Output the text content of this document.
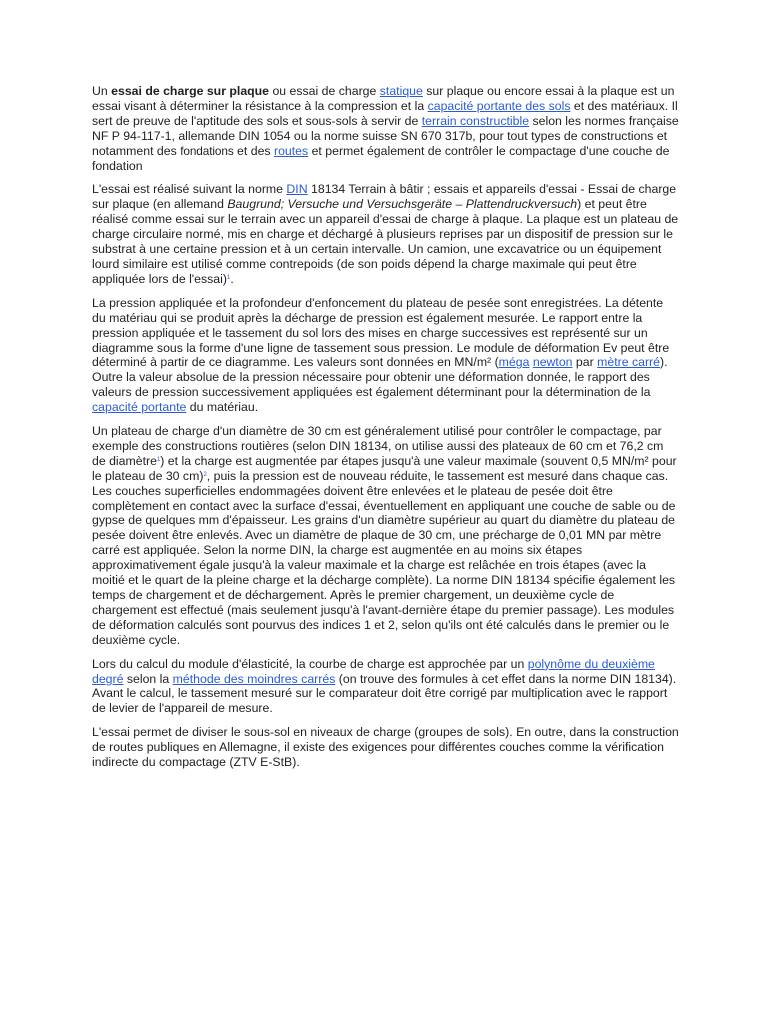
Un essai de charge sur plaque ou essai de charge statique sur plaque ou encore essai à la plaque est un essai visant à déterminer la résistance à la compression et la capacité portante des sols et des matériaux. Il sert de preuve de l'aptitude des sols et sous-sols à servir de terrain constructible selon les normes française NF P 94-117-1, allemande DIN 1054 ou la norme suisse SN 670 317b, pour tout types de constructions et notamment des fondations et des routes et permet également de contrôler le compactage d'une couche de fondation

L'essai est réalisé suivant la norme DIN 18134 Terrain à bâtir ; essais et appareils d'essai - Essai de charge sur plaque (en allemand Baugrund; Versuche und Versuchsgeräte – Plattendruckversuch) et peut être réalisé comme essai sur le terrain avec un appareil d'essai de charge à plaque. La plaque est un plateau de charge circulaire normé, mis en charge et déchargé à plusieurs reprises par un dispositif de pression sur le substrat à une certaine pression et à un certain intervalle. Un camion, une excavatrice ou un équipement lourd similaire est utilisé comme contrepoids (de son poids dépend la charge maximale qui peut être appliquée lors de l'essai)$^1$.

La pression appliquée et la profondeur d'enfoncement du plateau de pesée sont enregistrées. La détente du matériau qui se produit après la décharge de pression est également mesurée. Le rapport entre la pression appliquée et le tassement du sol lors des mises en charge successives est représenté sur un diagramme sous la forme d'une ligne de tassement sous pression. Le module de déformation Ev peut être déterminé à partir de ce diagramme. Les valeurs sont données en MN/m² (méga newton par mètre carré). Outre la valeur absolue de la pression nécessaire pour obtenir une déformation donnée, le rapport des valeurs de pression successivement appliquées est également déterminant pour la détermination de la capacité portante du matériau.

Un plateau de charge d'un diamètre de 30 cm est généralement utilisé pour contrôler le compactage, par exemple des constructions routières (selon DIN 18134, on utilise aussi des plateaux de 60 cm et 76,2 cm de diamètre$^1$) et la charge est augmentée par étapes jusqu'à une valeur maximale (souvent 0,5 MN/m² pour le plateau de 30 cm)$^2$, puis la pression est de nouveau réduite, le tassement est mesuré dans chaque cas. Les couches superficielles endommagées doivent être enlevées et le plateau de pesée doit être complètement en contact avec la surface d'essai, éventuellement en appliquant une couche de sable ou de gypse de quelques mm d'épaisseur. Les grains d'un diamètre supérieur au quart du diamètre du plateau de pesée doivent être enlevés. Avec un diamètre de plaque de 30 cm, une précharge de 0,01 MN par mètre carré est appliquée. Selon la norme DIN, la charge est augmentée en au moins six étapes approximativement égale jusqu'à la valeur maximale et la charge est relâchée en trois étapes (avec la moitié et le quart de la pleine charge et la décharge complète). La norme DIN 18134 spécifie également les temps de chargement et de déchargement. Après le premier chargement, un deuxième cycle de chargement est effectué (mais seulement jusqu'à l'avant-dernière étape du premier passage). Les modules de déformation calculés sont pourvus des indices 1 et 2, selon qu'ils ont été calculés dans le premier ou le deuxième cycle.

Lors du calcul du module d'élasticité, la courbe de charge est approchée par un polynôme du deuxième degré selon la méthode des moindres carrés (on trouve des formules à cet effet dans la norme DIN 18134). Avant le calcul, le tassement mesuré sur le comparateur doit être corrigé par multiplication avec le rapport de levier de l'appareil de mesure.

L'essai permet de diviser le sous-sol en niveaux de charge (groupes de sols). En outre, dans la construction de routes publiques en Allemagne, il existe des exigences pour différentes couches comme la vérification indirecte du compactage (ZTV E-StB).
